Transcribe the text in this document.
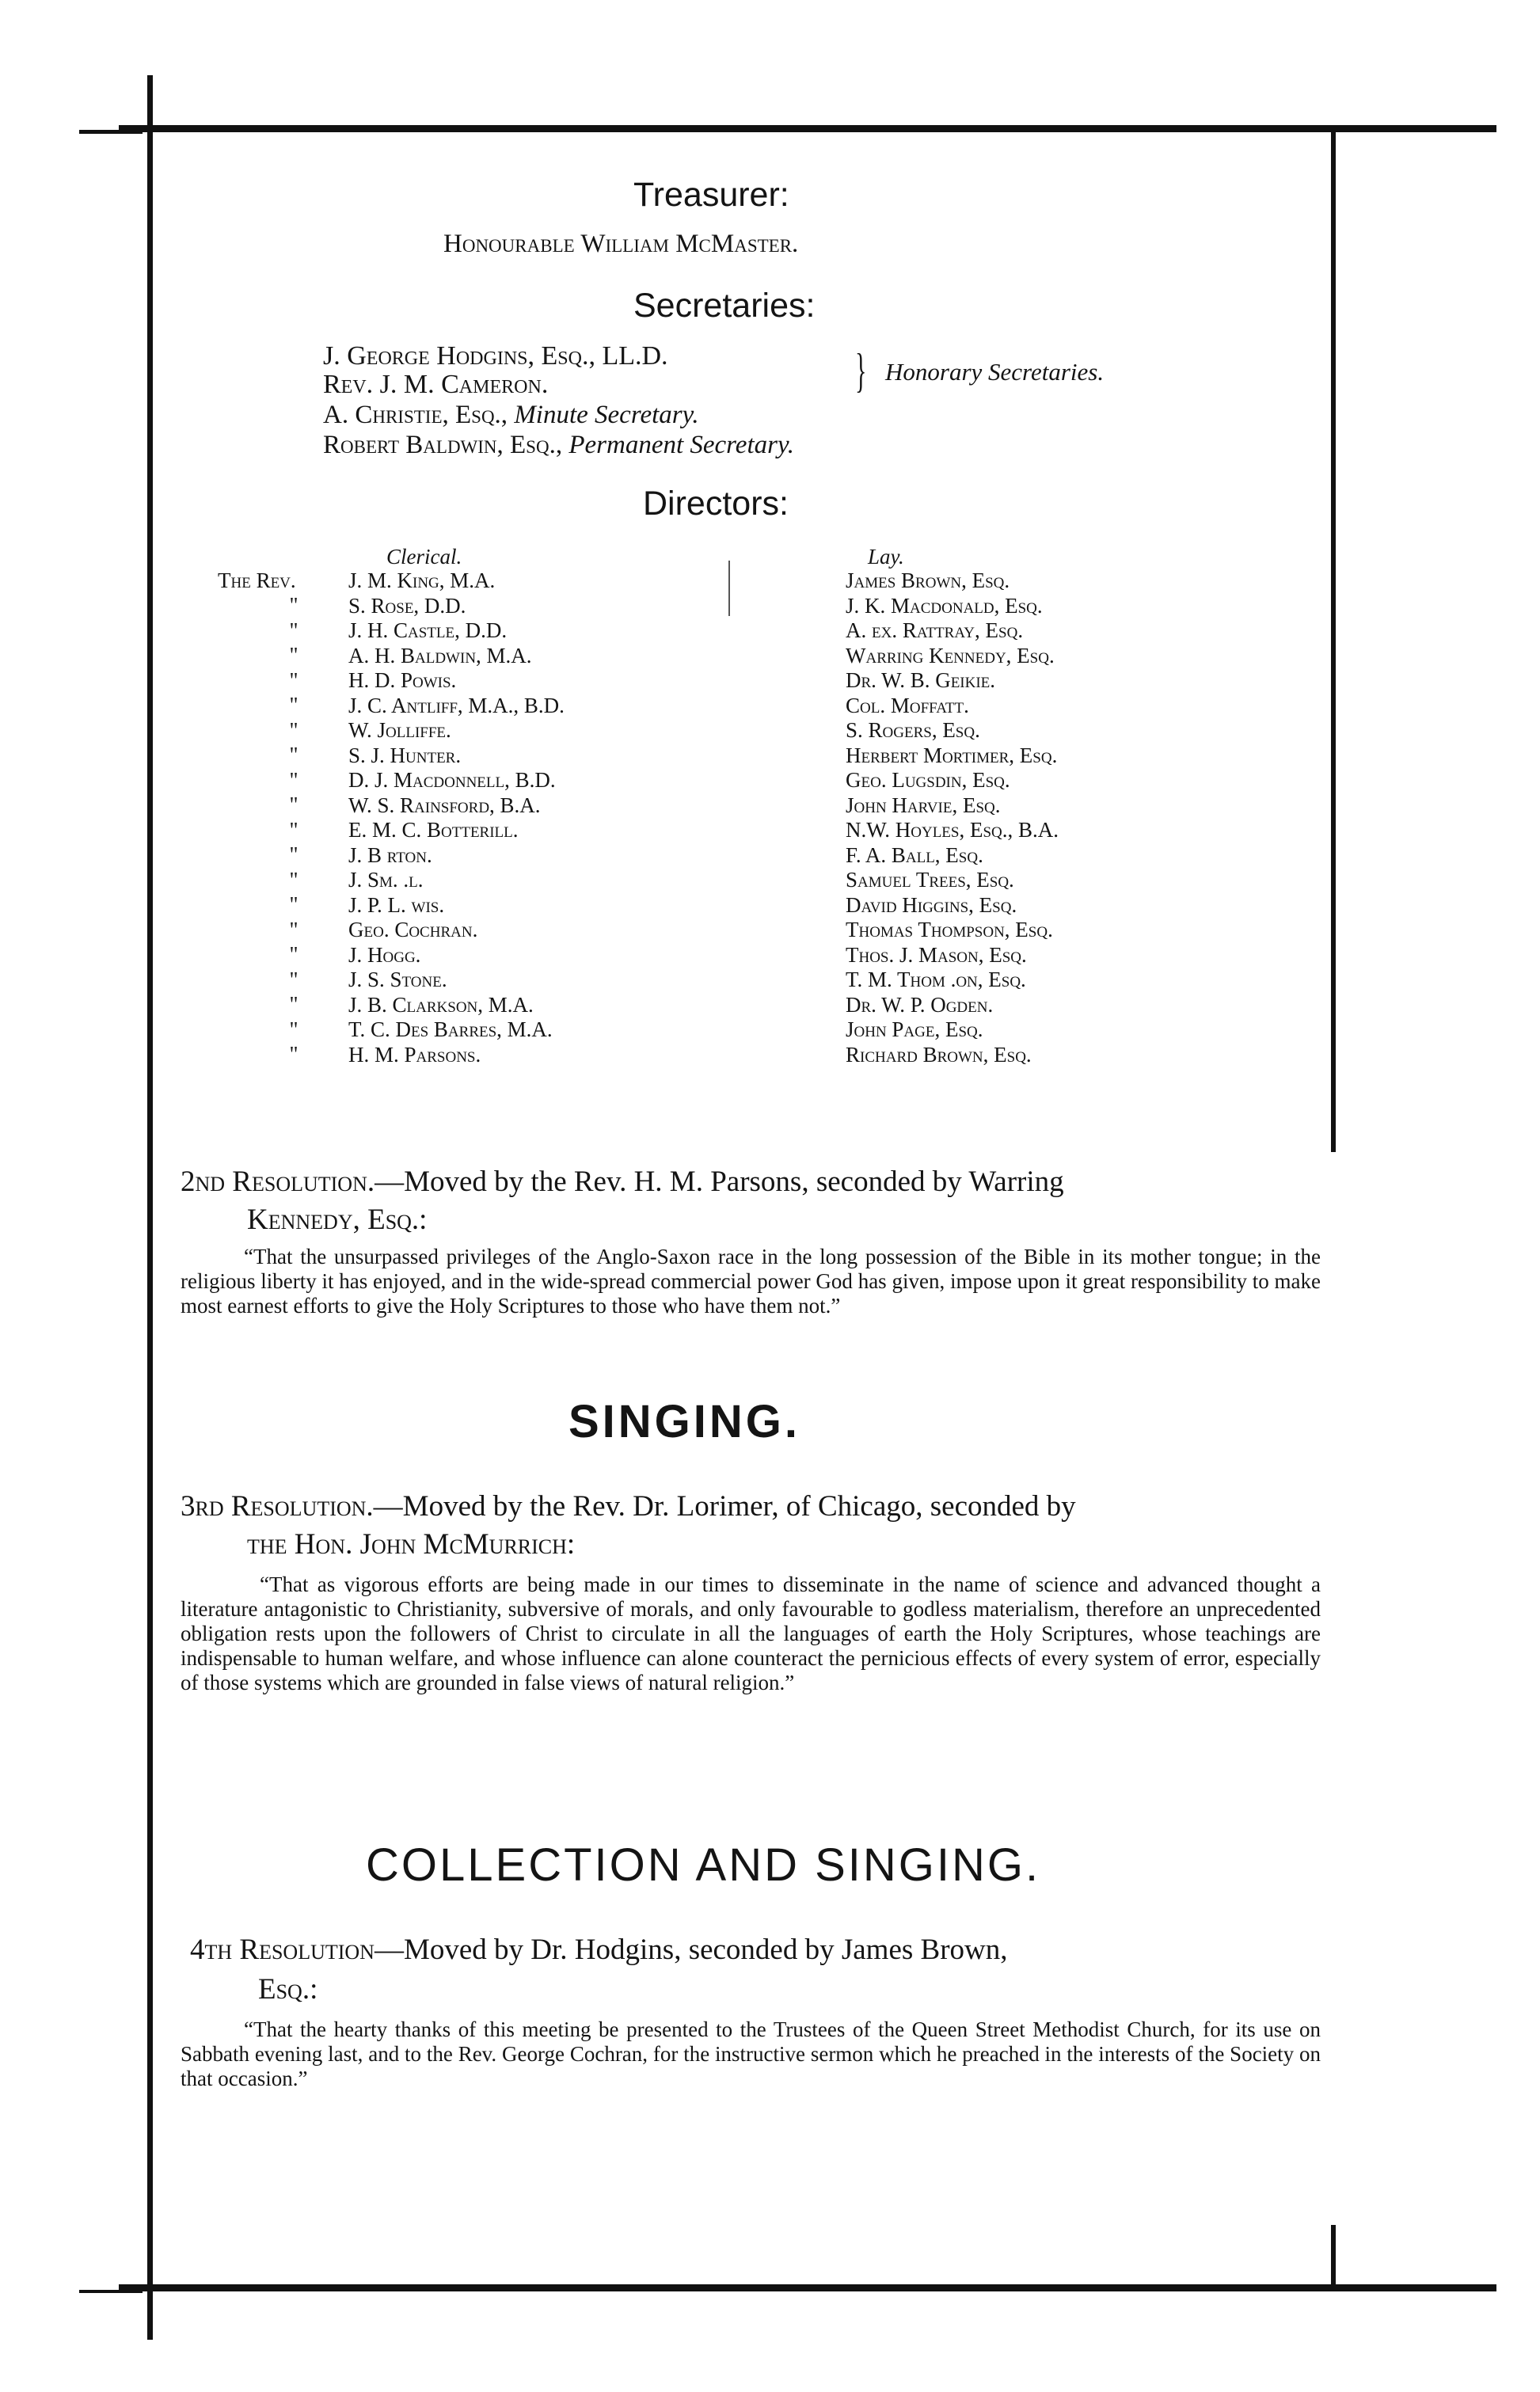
Treasurer:
Honourable William McMaster.
Secretaries:
J. George Hodgins, Esq., LL.D.
Rev. J. M. Cameron.	} Honorary Secretaries.
A. Christie, Esq., Minute Secretary.
Robert Baldwin, Esq., Permanent Secretary.
Directors:
Clerical.	Lay.
The Rev.
"
"
"
"
"
"
"
"
"
"
"
"
"
"
"
"
"
"
"
J. M. King, M.A.
S. Rose, D.D.
J. H. Castle, D.D.
A. H. Baldwin, M.A.
H. D. Powis.
J. C. Antliff, M.A., B.D.
W. Jolliffe.
S. J. Hunter.
D. J. Macdonnell, B.D.
W. S. Rainsford, B.A.
E. M. C. Botterill.
J. B rton.
J. Sm. .l.
J. P. L. wis.
Geo. Cochran.
J. Hogg.
J. S. Stone.
J. B. Clarkson, M.A.
T. C. Des Barres, M.A.
H. M. Parsons.
James Brown, Esq.
J. K. Macdonald, Esq.
A. ex. Rattray, Esq.
Warring Kennedy, Esq.
Dr. W. B. Geikie.
Col. Moffatt.
S. Rogers, Esq.
Herbert Mortimer, Esq.
Geo. Lugsdin, Esq.
John Harvie, Esq.
N.W. Hoyles, Esq., B.A.
F. A. Ball, Esq.
Samuel Trees, Esq.
David Higgins, Esq.
Thomas Thompson, Esq.
Thos. J. Mason, Esq.
T. M. Thom .on, Esq.
Dr. W. P. Ogden.
John Page, Esq.
Richard Brown, Esq.
2nd Resolution.—Moved by the Rev. H. M. Parsons, seconded by Warring
Kennedy, Esq.:

“That the unsurpassed privileges of the Anglo-Saxon race in the long possession of the Bible in its mother tongue; in the religious liberty it has enjoyed, and in the wide-spread commercial power God has given, impose upon it great responsibility to make most earnest efforts to give the Holy Scriptures to those who have them not.”

SINGING.
3rd Resolution.—Moved by the Rev. Dr. Lorimer, of Chicago, seconded by
the Hon. John McMurrich:

“That as vigorous efforts are being made in our times to disseminate in the name of science and advanced thought a literature antagonistic to Christianity, subversive of morals, and only favourable to godless materialism, therefore an unprecedented obligation rests upon the followers of Christ to circulate in all the languages of earth the Holy Scriptures, whose teachings are indispensable to human welfare, and whose influence can alone counteract the pernicious effects of every system of error, especially of those systems which are grounded in false views of natural religion.”

COLLECTION AND SINGING.
4th Resolution—Moved by Dr. Hodgins, seconded by James Brown,
Esq.:

“That the hearty thanks of this meeting be presented to the Trustees of the Queen Street Methodist Church, for its use on Sabbath evening last, and to the Rev. George Cochran, for the instructive sermon which he preached in the interests of the Society on that occasion.”
